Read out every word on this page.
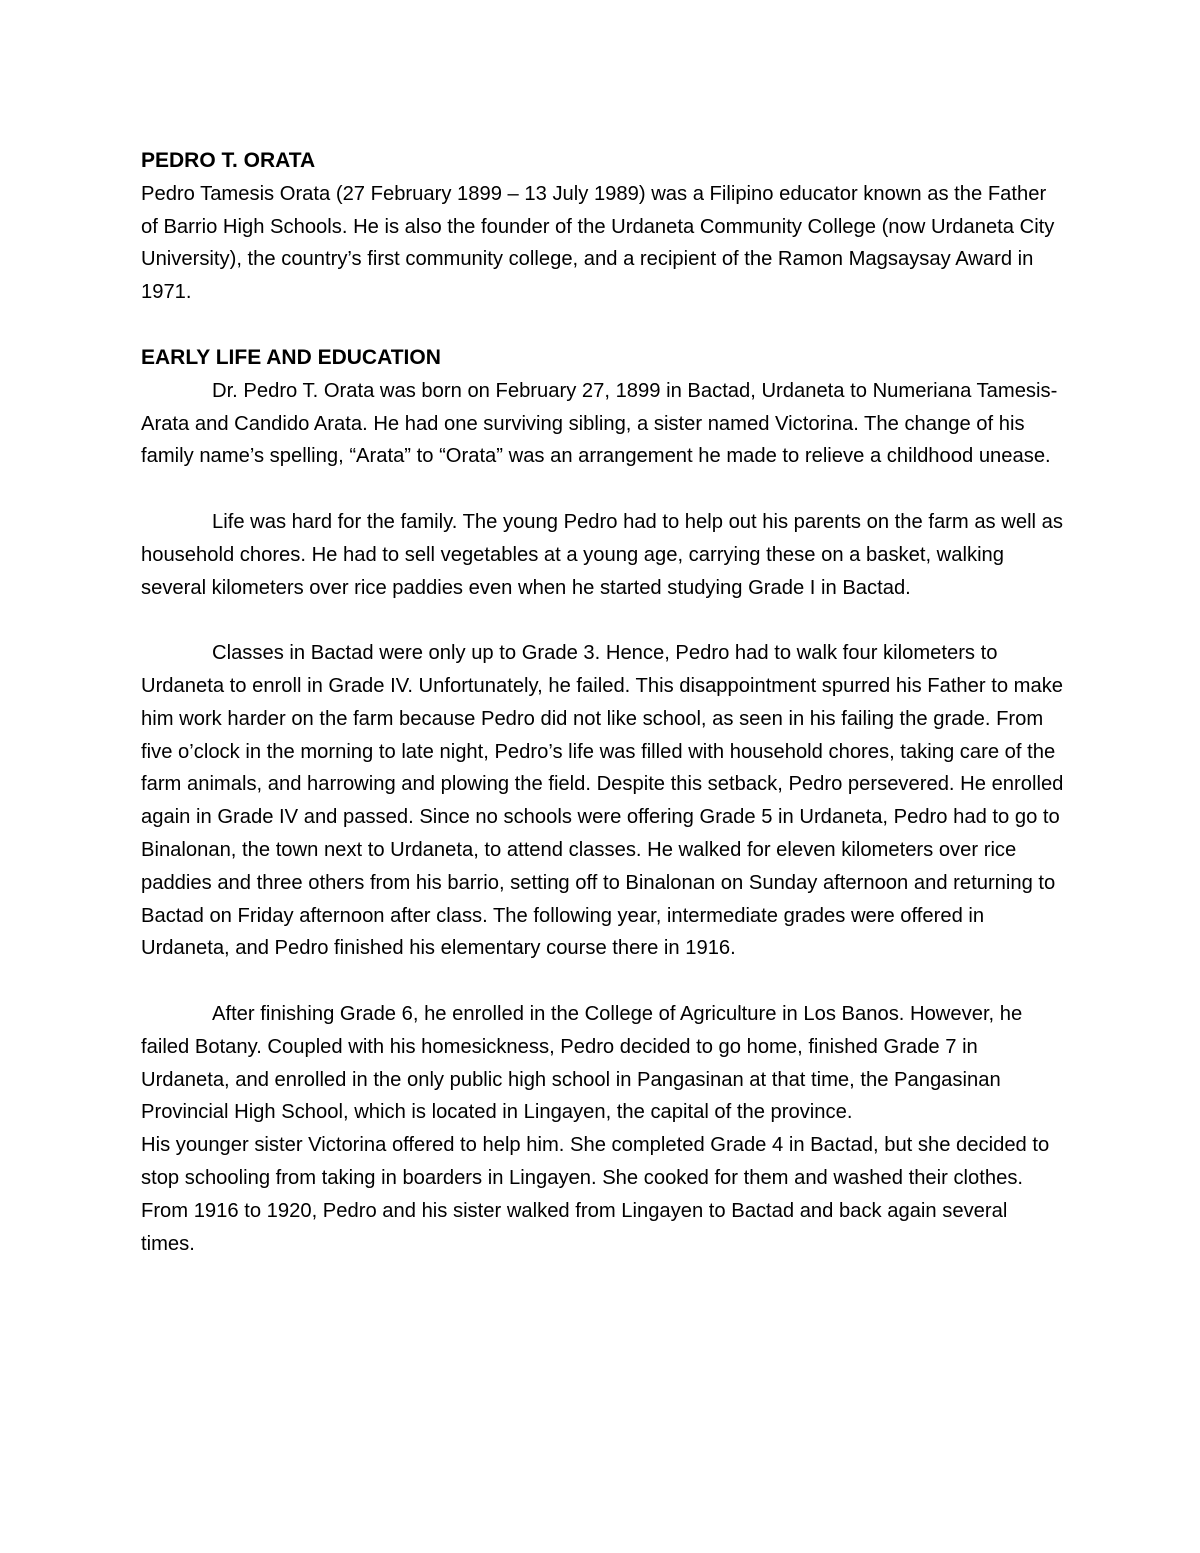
PEDRO T. ORATA

Pedro Tamesis Orata (27 February 1899 – 13 July 1989) was a Filipino educator known as the Father of Barrio High Schools. He is also the founder of the Urdaneta Community College (now Urdaneta City University), the country’s first community college, and a recipient of the Ramon Magsaysay Award in 1971.

EARLY LIFE AND EDUCATION

Dr. Pedro T. Orata was born on February 27, 1899 in Bactad, Urdaneta to Numeriana Tamesis-Arata and Candido Arata. He had one surviving sibling, a sister named Victorina. The change of his family name’s spelling, “Arata” to “Orata” was an arrangement he made to relieve a childhood unease.

Life was hard for the family. The young Pedro had to help out his parents on the farm as well as household chores. He had to sell vegetables at a young age, carrying these on a basket, walking several kilometers over rice paddies even when he started studying Grade I in Bactad.

Classes in Bactad were only up to Grade 3. Hence, Pedro had to walk four kilometers to Urdaneta to enroll in Grade IV. Unfortunately, he failed. This disappointment spurred his Father to make him work harder on the farm because Pedro did not like school, as seen in his failing the grade. From five o’clock in the morning to late night, Pedro’s life was filled with household chores, taking care of the farm animals, and harrowing and plowing the field. Despite this setback, Pedro persevered. He enrolled again in Grade IV and passed. Since no schools were offering Grade 5 in Urdaneta, Pedro had to go to Binalonan, the town next to Urdaneta, to attend classes. He walked for eleven kilometers over rice paddies and three others from his barrio, setting off to Binalonan on Sunday afternoon and returning to Bactad on Friday afternoon after class. The following year, intermediate grades were offered in Urdaneta, and Pedro finished his elementary course there in 1916.

After finishing Grade 6, he enrolled in the College of Agriculture in Los Banos. However, he failed Botany. Coupled with his homesickness, Pedro decided to go home, finished Grade 7 in Urdaneta, and enrolled in the only public high school in Pangasinan at that time, the Pangasinan Provincial High School, which is located in Lingayen, the capital of the province.

His younger sister Victorina offered to help him. She completed Grade 4 in Bactad, but she decided to stop schooling from taking in boarders in Lingayen. She cooked for them and washed their clothes. From 1916 to 1920, Pedro and his sister walked from Lingayen to Bactad and back again several times.
